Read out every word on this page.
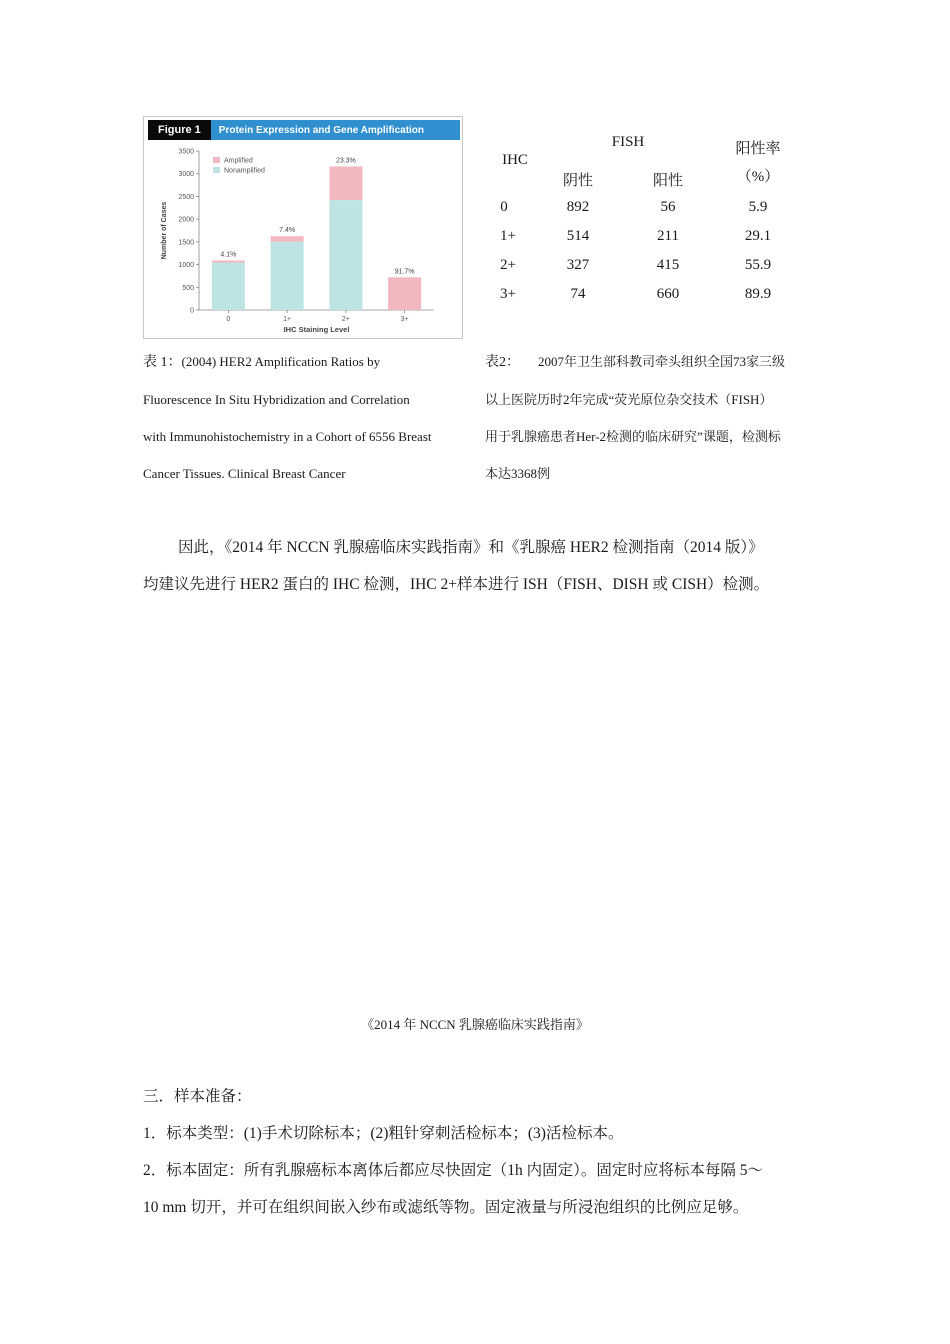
0
500
1000
1500
2000
2500
3000
3500
Number of Cases	4.1%
0
7.4%
1+
23.3%
2+
91.7%
3+
IHC Staining Level
Amplified
Nonamplified
Figure 1	Protein Expression and Gene Amplification
IHC
FISH	阳性率
阴性	阳性	（%）
0	892	56	5.9
1+	514	211	29.1
2+	327	415	55.9
3+	74	660	89.9
表 1：(2004) HER2 Amplification Ratios by
Fluorescence In Situ Hybridization and Correlation
with Immunohistochemistry in a Cohort of 6556 Breast
Cancer Tissues. Clinical Breast Cancer
表2： 2007年卫生部科教司牵头组织全国73家三级
以上医院历时2年完成“荧光原位杂交技术（FISH）
用于乳腺癌患者Her-2检测的临床研究”课题，检测标
本达3368例
因此，《2014 年 NCCN 乳腺癌临床实践指南》和《乳腺癌 HER2 检测指南（2014 版）》
均建议先进行 HER2 蛋白的 IHC 检测，IHC 2+样本进行 ISH（FISH、DISH 或 CISH）检测。
《2014 年 NCCN 乳腺癌临床实践指南》
三．样本准备：
1．标本类型：(1)手术切除标本；(2)粗针穿刺活检标本；(3)活检标本。
2．标本固定：所有乳腺癌标本离体后都应尽快固定（1h 内固定）。固定时应将标本每隔 5～
10 mm 切开，并可在组织间嵌入纱布或滤纸等物。固定液量与所浸泡组织的比例应足够。
